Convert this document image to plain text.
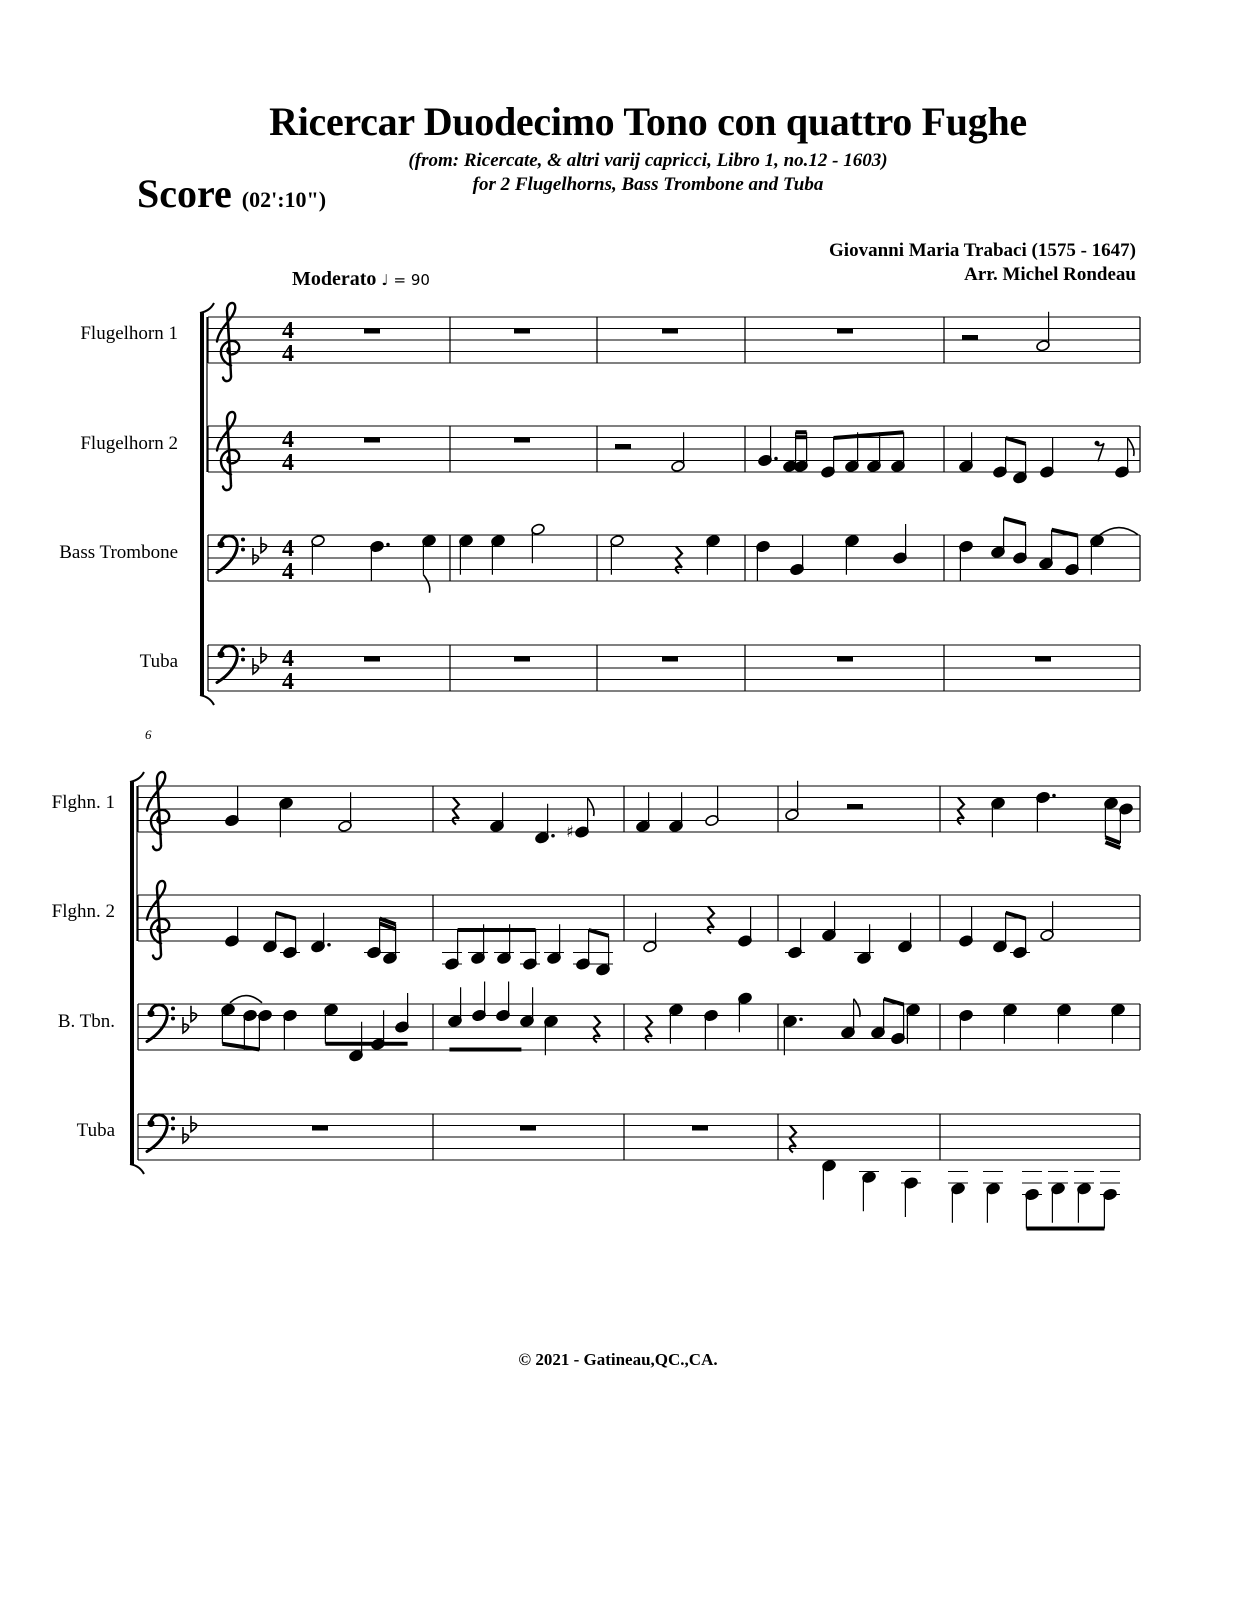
Ricercar Duodecimo Tono con quattro Fughe
(from: Ricercate, & altri varij capricci, Libro 1, no.12 - 1603)
for 2 Flugelhorns, Bass Trombone and Tuba
Score (02':10")
Giovanni Maria Trabaci (1575 - 1647)
Arr. Michel Rondeau
Moderato ♩ = 90
Flugelhorn 1
Flugelhorn 2
Bass Trombone
Tuba
Flghn. 1
Flghn. 2
B. Tbn.
Tuba
6
© 2021 - Gatineau,QC.,CA.
4
4
4
4
4
4
4
4
♯
